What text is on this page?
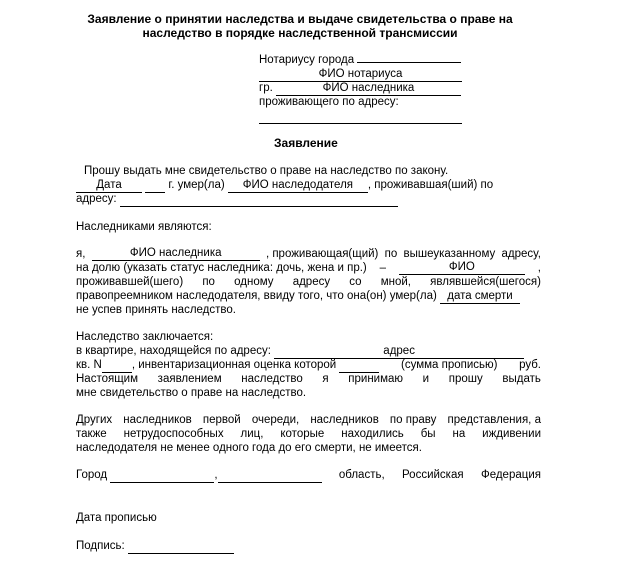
Заявление о принятии наследства и выдаче свидетельства о праве на
наследство в порядке наследственной трансмиссии
Нотариусу города
ФИО нотариуса
гр.	ФИО наследника
проживающего по адресу:

Заявление
Прошу выдать мне свидетельство о праве на наследство по закону.
Дата	г. умер(ла) ФИО наследодателя , проживавшая(ший) по
адресу:
Наследниками являются:
я,	ФИО наследника	, проживающая(щий) по вышеуказанному адресу,
на долю (указать статус наследника: дочь, жена и пр.) –	ФИО	,
проживавшей(шего) по одному адресу со мной, являвшейся(шегося)
правопреемником наследодателя, ввиду того, что она(он) умер(ла) дата смерти
не успев принять наследство.
Наследство заключается:
в квартире, находящейся по адресу:	адрес
кв. N	, инвентаризационная оценка которой	(сумма прописью) руб.
Настоящим заявлением наследство я принимаю и прошу выдать
мне свидетельство о праве на наследство.
Других наследников первой очереди, наследников по праву представления, а
также нетрудоспособных лиц, которые находились бы на иждивении
наследодателя не менее одного года до его смерти, не имеется.
Город	,	область, Российская Федерация
Дата прописью
Подпись:
